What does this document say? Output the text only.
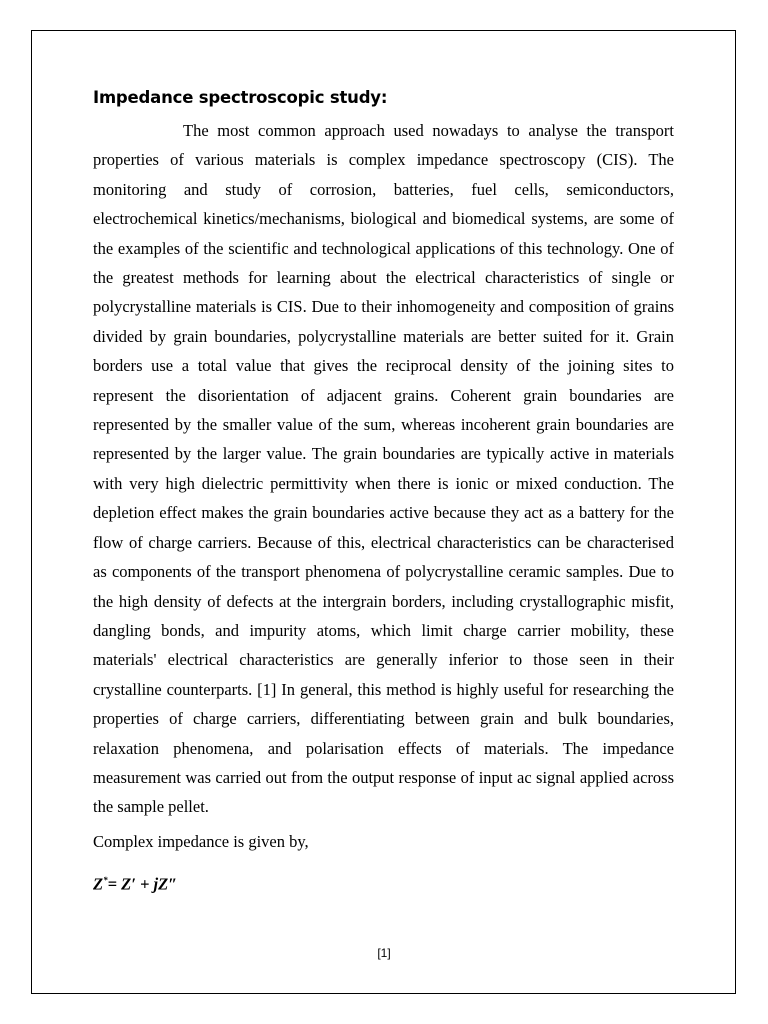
Impedance spectroscopic study:

The most common approach used nowadays to analyse the transport properties of various materials is complex impedance spectroscopy (CIS). The monitoring and study of corrosion, batteries, fuel cells, semiconductors, electrochemical kinetics/mechanisms, biological and biomedical systems, are some of the examples of the scientific and technological applications of this technology. One of the greatest methods for learning about the electrical characteristics of single or polycrystalline materials is CIS. Due to their inhomogeneity and composition of grains divided by grain boundaries, polycrystalline materials are better suited for it. Grain borders use a total value that gives the reciprocal density of the joining sites to represent the disorientation of adjacent grains. Coherent grain boundaries are represented by the smaller value of the sum, whereas incoherent grain boundaries are represented by the larger value. The grain boundaries are typically active in materials with very high dielectric permittivity when there is ionic or mixed conduction. The depletion effect makes the grain boundaries active because they act as a battery for the flow of charge carriers. Because of this, electrical characteristics can be characterised as components of the transport phenomena of polycrystalline ceramic samples. Due to the high density of defects at the intergrain borders, including crystallographic misfit, dangling bonds, and impurity atoms, which limit charge carrier mobility, these materials' electrical characteristics are generally inferior to those seen in their crystalline counterparts. [1] In general, this method is highly useful for researching the properties of charge carriers, differentiating between grain and bulk boundaries, relaxation phenomena, and polarisation effects of materials. The impedance measurement was carried out from the output response of input ac signal applied across the sample pellet.

Complex impedance is given by,

Z*= Z′ + jZ″

[1]
